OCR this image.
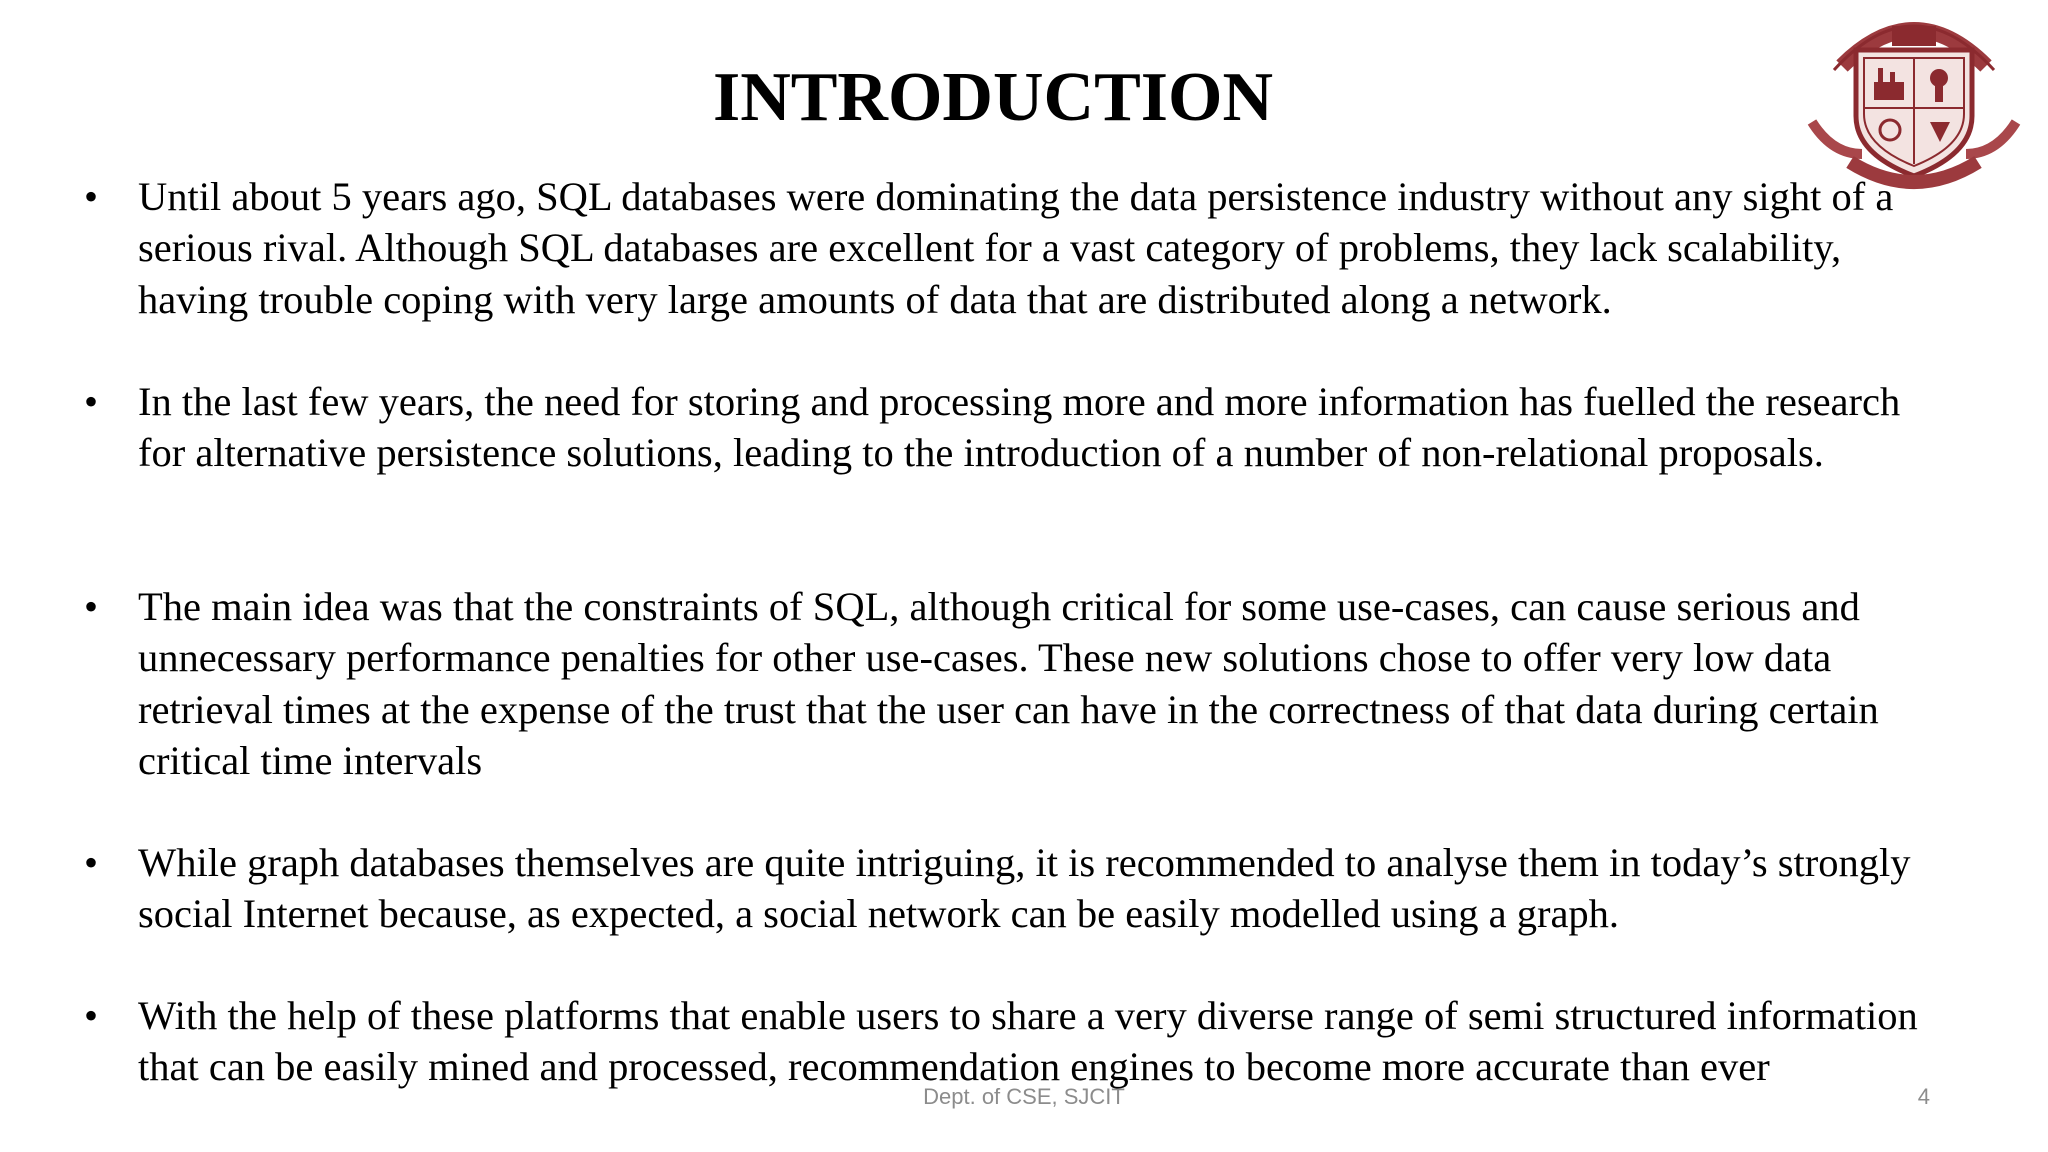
INTRODUCTION
• Until about 5 years ago, SQL databases were dominating the data persistence industry without any sight of a serious rival. Although SQL databases are excellent for a vast category of problems, they lack scalability, having trouble coping with very large amounts of data that are distributed along a network.

• In the last few years, the need for storing and processing more and more information has fuelled the research for alternative persistence solutions, leading to the introduction of a number of non-relational proposals.

• The main idea was that the constraints of SQL, although critical for some use-cases, can cause serious and unnecessary performance penalties for other use-cases. These new solutions chose to offer very low data retrieval times at the expense of the trust that the user can have in the correctness of that data during certain critical time intervals

• While graph databases themselves are quite intriguing, it is recommended to analyse them in today’s strongly social Internet because, as expected, a social network can be easily modelled using a graph.

• With the help of these platforms that enable users to share a very diverse range of semi structured information that can be easily mined and processed, recommendation engines to become more accurate than ever

Dept. of CSE, SJCIT	4
